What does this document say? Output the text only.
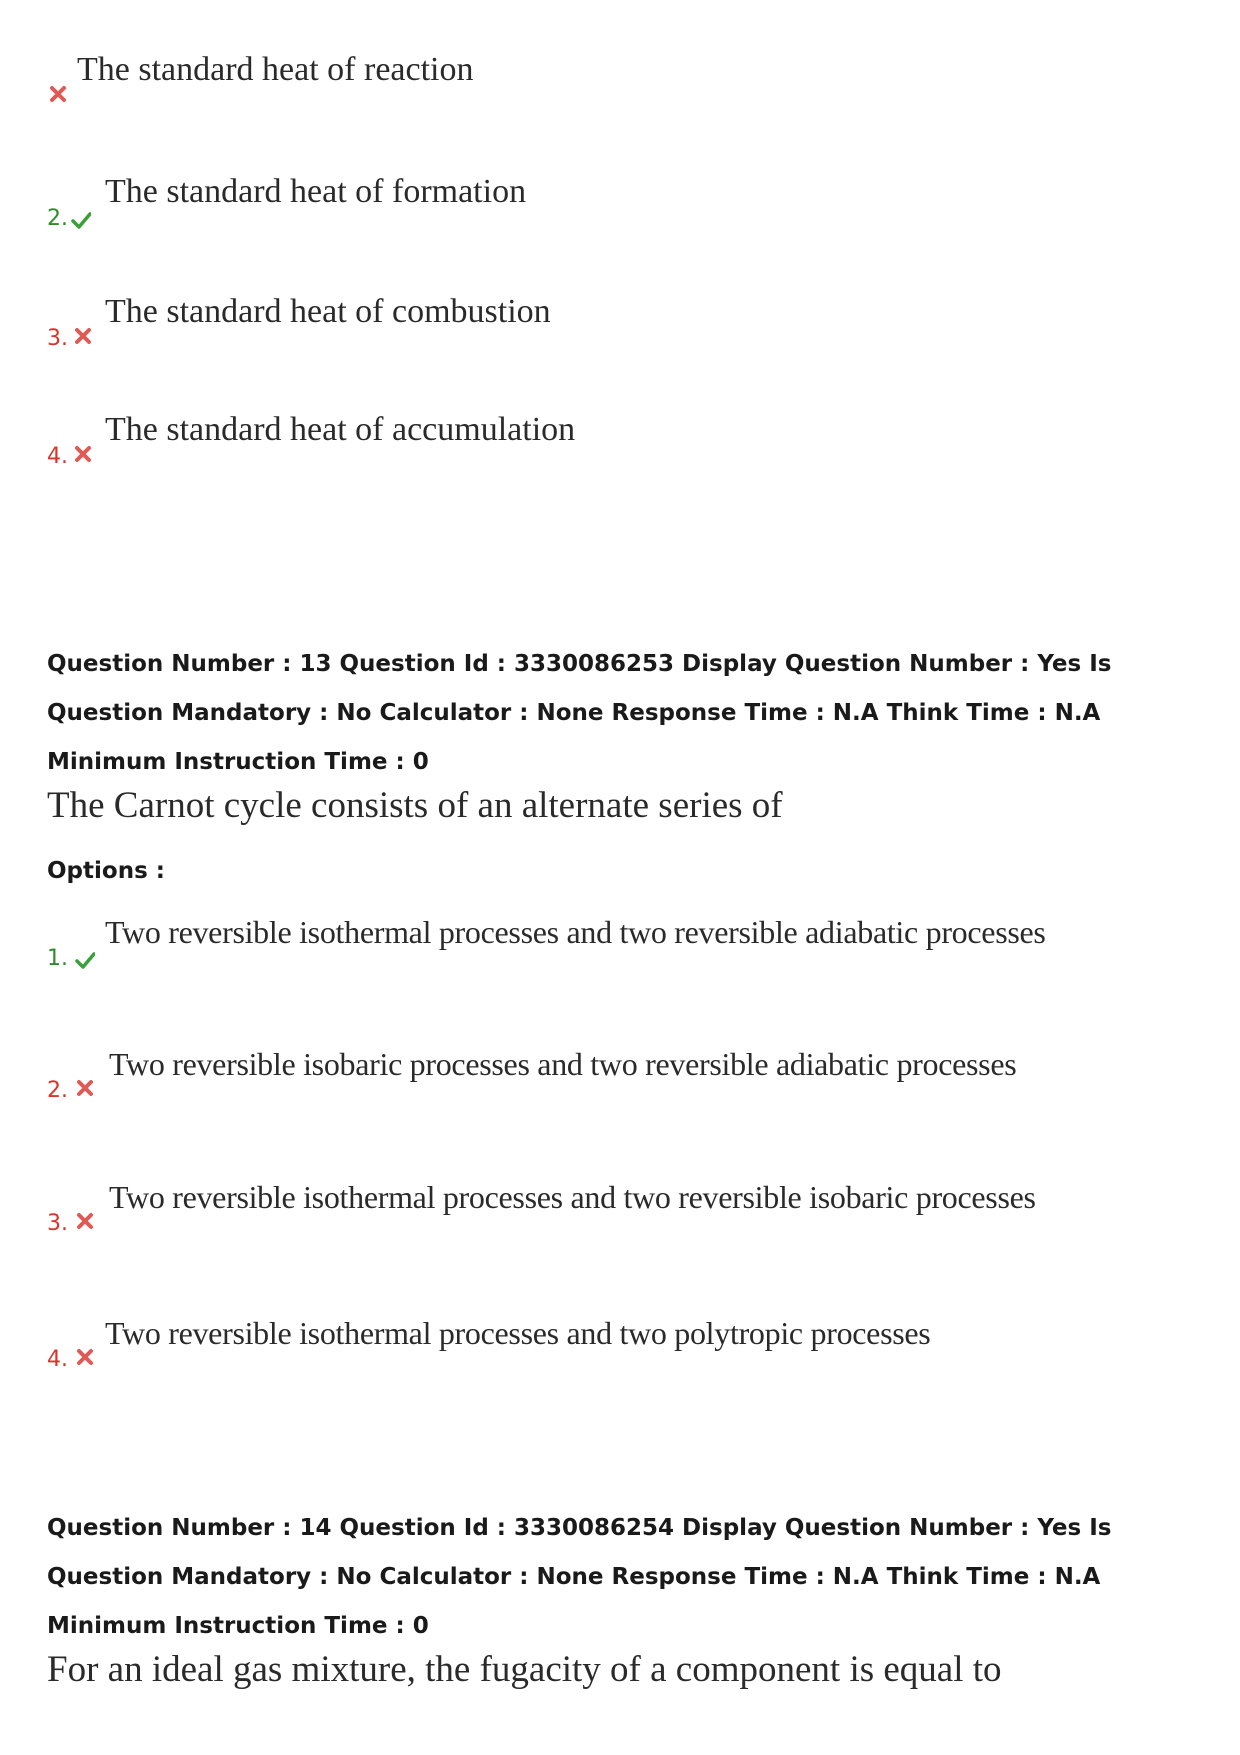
The standard heat of reaction
2.
The standard heat of formation
3.
The standard heat of combustion
4.
The standard heat of accumulation
Question Number : 13 Question Id : 3330086253 Display Question Number : Yes Is Question Mandatory : No Calculator : None Response Time : N.A Think Time : N.A Minimum Instruction Time : 0
The Carnot cycle consists of an alternate series of
Options :
1.
Two reversible isothermal processes and two reversible adiabatic processes
2.
Two reversible isobaric processes and two reversible adiabatic processes
3.
Two reversible isothermal processes and two reversible isobaric processes
4.
Two reversible isothermal processes and two polytropic processes
Question Number : 14 Question Id : 3330086254 Display Question Number : Yes Is Question Mandatory : No Calculator : None Response Time : N.A Think Time : N.A Minimum Instruction Time : 0
For an ideal gas mixture, the fugacity of a component is equal to
